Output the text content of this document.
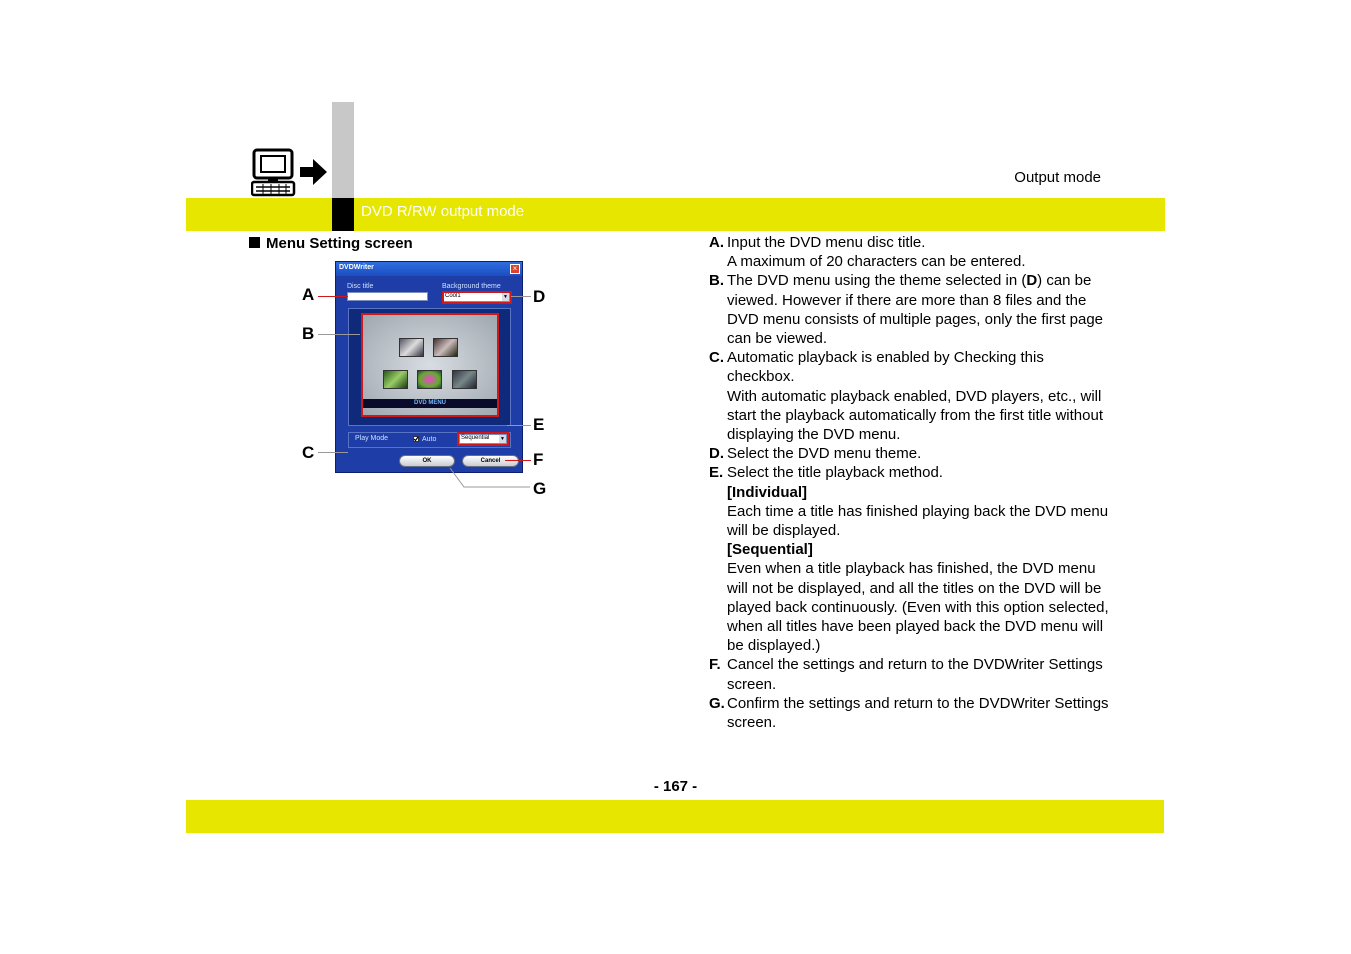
Output mode
DVD R/RW output mode
Menu Setting screen
DVDWriter	×
Disc title	Background theme
Cool1	▼
DVD MENU
Play Mode	Auto	Sequential ▼
OK	Cancel
A
B
C
D
E
F
G
A. Input the DVD menu disc title.
A maximum of 20 characters can be entered.
B. The DVD menu using the theme selected in (D) can be viewed. However if there are more than 8 files and the DVD menu consists of multiple pages, only the first page can be viewed.
C. Automatic playback is enabled by Checking this checkbox.
With automatic playback enabled, DVD players, etc., will start the playback automatically from the first title without displaying the DVD menu.
D. Select the DVD menu theme.
E. Select the title playback method.
[Individual]
Each time a title has finished playing back the DVD menu will be displayed.
[Sequential]
Even when a title playback has finished, the DVD menu will not be displayed, and all the titles on the DVD will be played back continuously. (Even with this option selected, when all titles have been played back the DVD menu will be displayed.)
F. Cancel the settings and return to the DVDWriter Settings screen.
G. Confirm the settings and return to the DVDWriter Settings screen.
- 167 -
